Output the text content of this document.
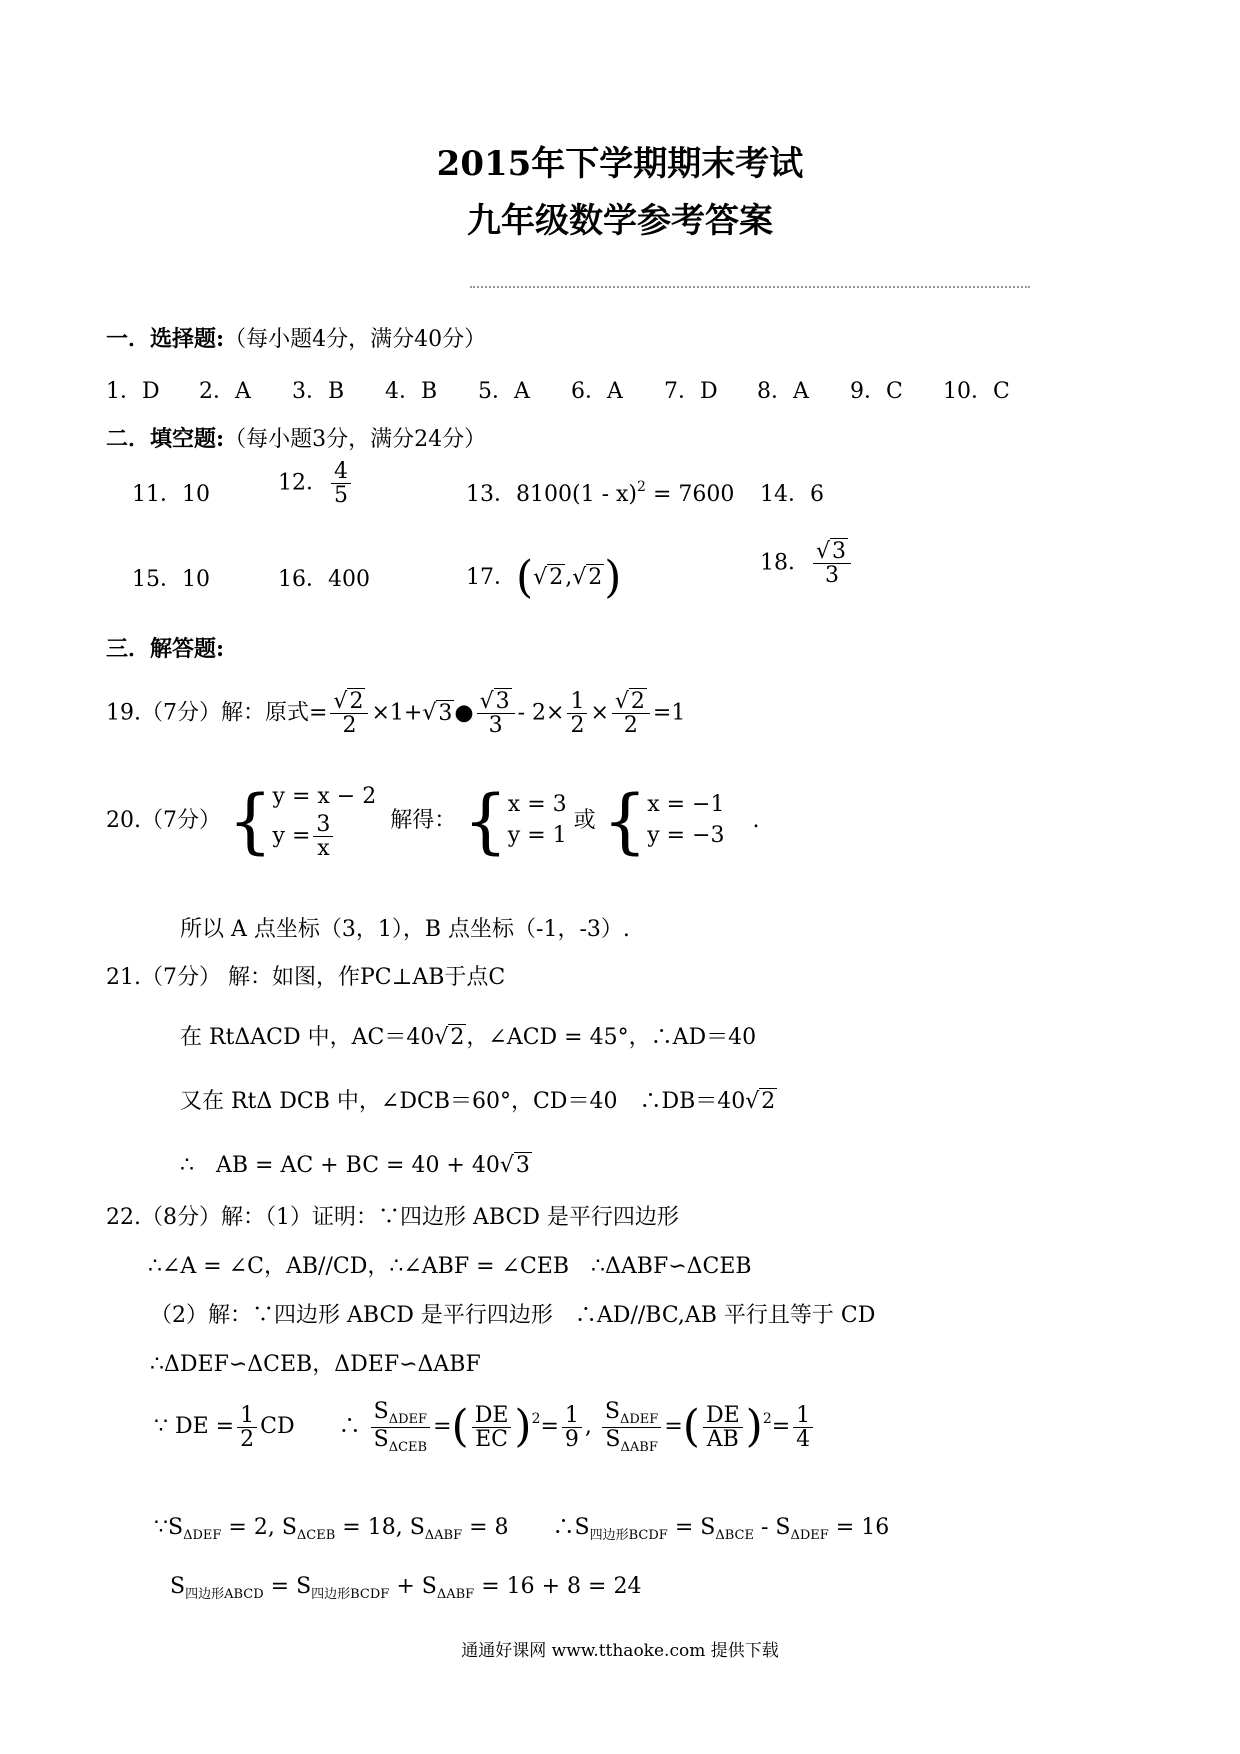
2015年下学期期末考试
九年级数学参考答案
一．选择题:（每小题4分，满分40分）
1．D 2．A 3．B 4．B 5．A 6．A 7．D 8．A 9．C 10．C
二．填空题:（每小题3分，满分24分）
11．10	12． $\frac{4}{5}$	13．8100(1 - x)$^2$ = 7600 14．6
15．10	16．400	17．(√2,√2)	18． $\frac{√3}{3}$
三．解答题:
19.（7分）解：原式= $\frac{√2}{2}$ ×1+√3● $\frac{√3}{3} - 2\times \frac{1}{2} \times \frac{√2}{2} =1$
20.（7分） { y = x − 2
$y = \frac{3}{x}$	解得： { x = 3
y = 1
或 { x = −1
y = −3
.
所以 A 点坐标（3，1），B 点坐标（-1，-3）.
21.（7分） 解：如图，作PC⊥AB于点C
在 RtΔACD 中，AC＝40√2，∠ACD = 45°，∴AD＝40
又在 RtΔ DCB 中，∠DCB＝60°，CD＝40　∴DB＝40√2
∴　AB = AC + BC = 40 + 40√3
22.（8分）解：（1）证明：∵四边形 ABCD 是平行四边形
∴∠A = ∠C，AB//CD，∴∠ABF = ∠CEB　∴ΔABF∽ΔCEB
（2）解：∵四边形 ABCD 是平行四边形　∴AD//BC,AB 平行且等于 CD
∴ΔDEF∽ΔCEB，ΔDEF∽ΔABF
∵ DE = $\frac{1}{2}$ CD　　∴ $\frac{S_{\Delta DEF}}{S_{\Delta CEB}}$ =( $\frac{DE}{EC} )^2= \frac{1}{9}$ , $\frac{S_{\Delta DEF}}{S_{\Delta ABF}}$ =( $\frac{DE}{AB} )^2= \frac{1}{4}$
$\because S_{\Delta DEF} = 2$, $S_{\Delta CEB} = 18$, $S_{\Delta ABF} = 8$　　$\therefore S_{四边形BCDF} = S_{\Delta BCE} - S_{\Delta DEF} = 16$
$S_{四边形ABCD} = S_{四边形BCDF} + S_{\Delta ABF} = 16 + 8 = 24$
通通好课网 www.tthaoke.com 提供下载
